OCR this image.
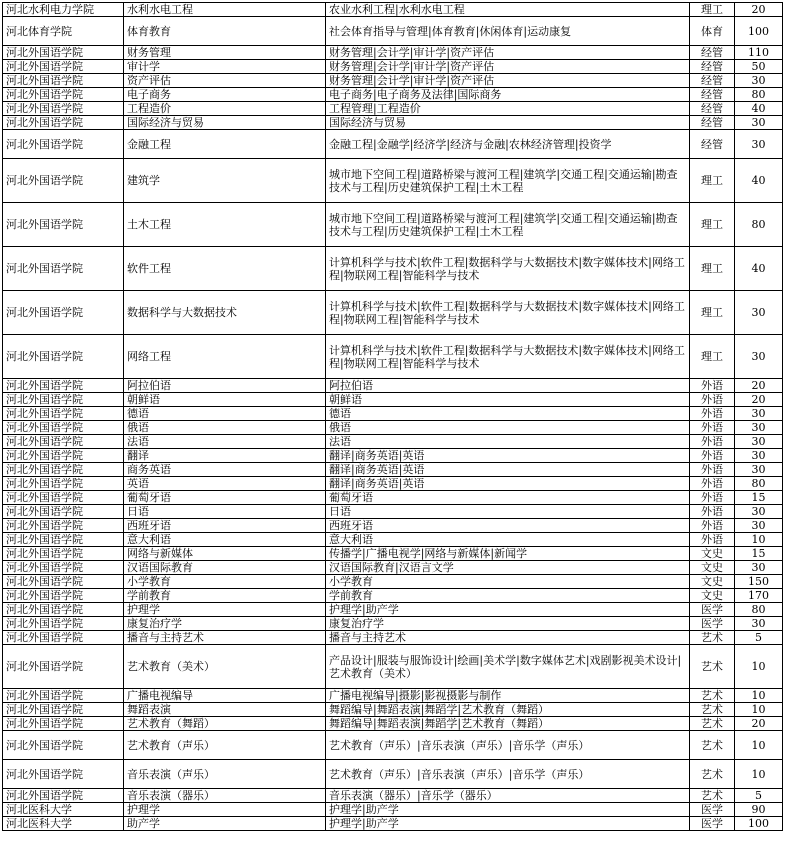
河北水利电力学院	水利水电工程	农业水利工程|水利水电工程	理工	20
河北体育学院	体育教育	社会体育指导与管理|体育教育|休闲体育|运动康复	体育	100
河北外国语学院	财务管理	财务管理|会计学|审计学|资产评估	经管	110
河北外国语学院	审计学	财务管理|会计学|审计学|资产评估	经管	50
河北外国语学院	资产评估	财务管理|会计学|审计学|资产评估	经管	30
河北外国语学院	电子商务	电子商务|电子商务及法律|国际商务	经管	80
河北外国语学院	工程造价	工程管理|工程造价	经管	40
河北外国语学院	国际经济与贸易	国际经济与贸易	经管	30
河北外国语学院	金融工程	金融工程|金融学|经济学|经济与金融|农林经济管理|投资学	经管	30
河北外国语学院	建筑学	城市地下空间工程|道路桥梁与渡河工程|建筑学|交通工程|交通运输|勘查技术与工程|历史建筑保护工程|土木工程	理工	40
河北外国语学院	土木工程	城市地下空间工程|道路桥梁与渡河工程|建筑学|交通工程|交通运输|勘查技术与工程|历史建筑保护工程|土木工程	理工	80
河北外国语学院	软件工程	计算机科学与技术|软件工程|数据科学与大数据技术|数字媒体技术|网络工程|物联网工程|智能科学与技术	理工	40
河北外国语学院	数据科学与大数据技术	计算机科学与技术|软件工程|数据科学与大数据技术|数字媒体技术|网络工程|物联网工程|智能科学与技术	理工	30
河北外国语学院	网络工程	计算机科学与技术|软件工程|数据科学与大数据技术|数字媒体技术|网络工程|物联网工程|智能科学与技术	理工	30
河北外国语学院	阿拉伯语	阿拉伯语	外语	20
河北外国语学院	朝鲜语	朝鲜语	外语	20
河北外国语学院	德语	德语	外语	30
河北外国语学院	俄语	俄语	外语	30
河北外国语学院	法语	法语	外语	30
河北外国语学院	翻译	翻译|商务英语|英语	外语	30
河北外国语学院	商务英语	翻译|商务英语|英语	外语	30
河北外国语学院	英语	翻译|商务英语|英语	外语	80
河北外国语学院	葡萄牙语	葡萄牙语	外语	15
河北外国语学院	日语	日语	外语	30
河北外国语学院	西班牙语	西班牙语	外语	30
河北外国语学院	意大利语	意大利语	外语	10
河北外国语学院	网络与新媒体	传播学|广播电视学|网络与新媒体|新闻学	文史	15
河北外国语学院	汉语国际教育	汉语国际教育|汉语言文学	文史	30
河北外国语学院	小学教育	小学教育	文史	150
河北外国语学院	学前教育	学前教育	文史	170
河北外国语学院	护理学	护理学|助产学	医学	80
河北外国语学院	康复治疗学	康复治疗学	医学	30
河北外国语学院	播音与主持艺术	播音与主持艺术	艺术	5
河北外国语学院	艺术教育（美术）	产品设计|服装与服饰设计|绘画|美术学|数字媒体艺术|戏剧影视美术设计|艺术教育（美术）	艺术	10
河北外国语学院	广播电视编导	广播电视编导|摄影|影视摄影与制作	艺术	10
河北外国语学院	舞蹈表演	舞蹈编导|舞蹈表演|舞蹈学|艺术教育（舞蹈）	艺术	10
河北外国语学院	艺术教育（舞蹈）	舞蹈编导|舞蹈表演|舞蹈学|艺术教育（舞蹈）	艺术	20
河北外国语学院	艺术教育（声乐）	艺术教育（声乐）|音乐表演（声乐）|音乐学（声乐）	艺术	10
河北外国语学院	音乐表演（声乐）	艺术教育（声乐）|音乐表演（声乐）|音乐学（声乐）	艺术	10
河北外国语学院	音乐表演（器乐）	音乐表演（器乐）|音乐学（器乐）	艺术	5
河北医科大学	护理学	护理学|助产学	医学	90
河北医科大学	助产学	护理学|助产学	医学	100
